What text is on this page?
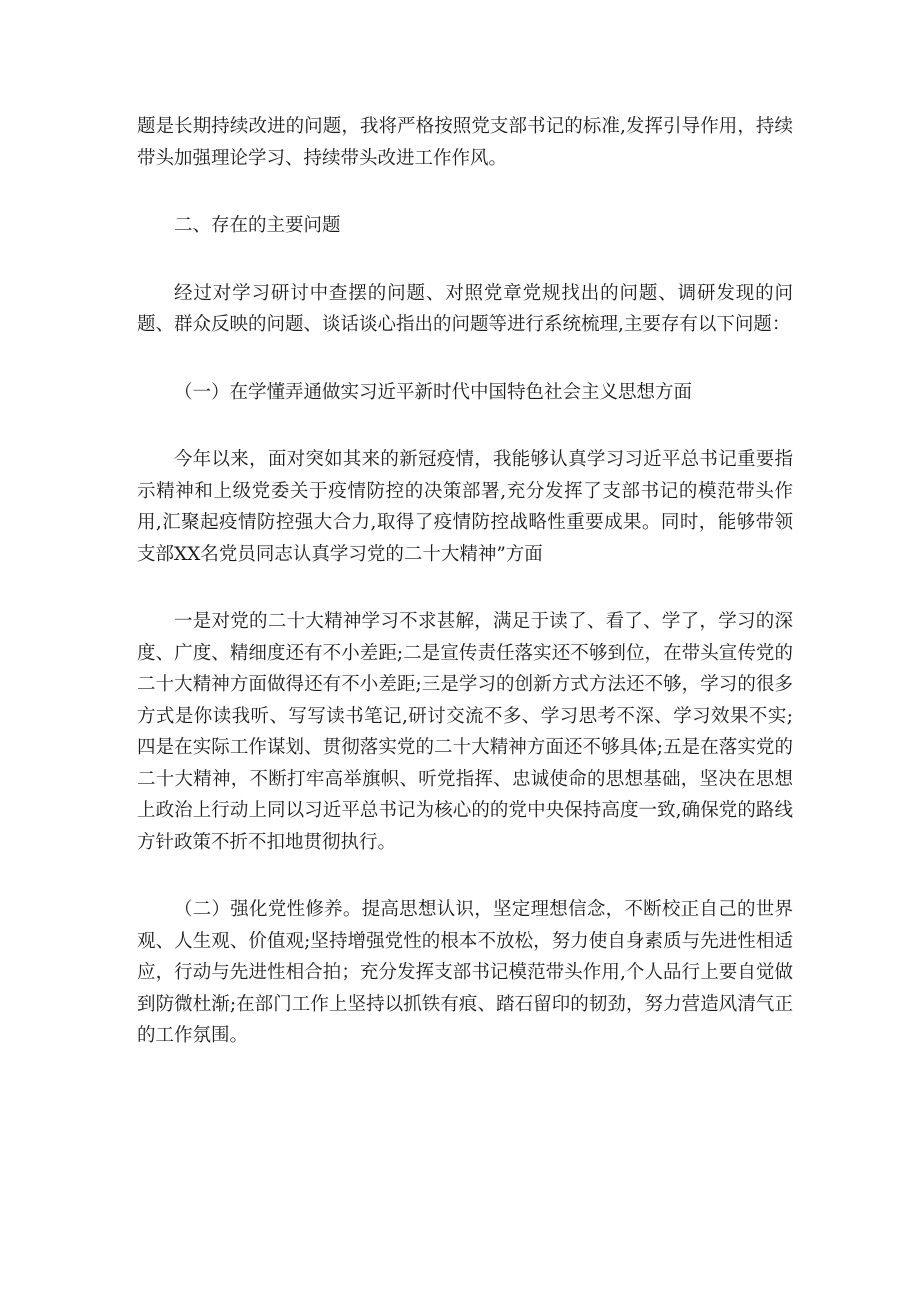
题是长期持续改进的问题，我将严格按照党支部书记的标准,发挥引导作用，持续带头加强理论学习、持续带头改进工作作风。

二、存在的主要问题

经过对学习研讨中查摆的问题、对照党章党规找出的问题、调研发现的问题、群众反映的问题、谈话谈心指出的问题等进行系统梳理,主要存有以下问题：

（一）在学懂弄通做实习近平新时代中国特色社会主义思想方面

今年以来，面对突如其来的新冠疫情，我能够认真学习习近平总书记重要指示精神和上级党委关于疫情防控的决策部署,充分发挥了支部书记的模范带头作用,汇聚起疫情防控强大合力,取得了疫情防控战略性重要成果。同时，能够带领支部XX名党员同志认真学习党的二十大精神”方面

一是对党的二十大精神学习不求甚解，满足于读了、看了、学了，学习的深度、广度、精细度还有不小差距;二是宣传责任落实还不够到位，在带头宣传党的二十大精神方面做得还有不小差距;三是学习的创新方式方法还不够，学习的很多方式是你读我听、写写读书笔记,研讨交流不多、学习思考不深、学习效果不实;四是在实际工作谋划、贯彻落实党的二十大精神方面还不够具体;五是在落实党的二十大精神，不断打牢高举旗帜、听党指挥、忠诚使命的思想基础，坚决在思想上政治上行动上同以习近平总书记为核心的的党中央保持高度一致,确保党的路线方针政策不折不扣地贯彻执行。

（二）强化党性修养。提高思想认识，坚定理想信念，不断校正自己的世界观、人生观、价值观;坚持增强党性的根本不放松，努力使自身素质与先进性相适应，行动与先进性相合拍；充分发挥支部书记模范带头作用,个人品行上要自觉做到防微杜渐;在部门工作上坚持以抓铁有痕、踏石留印的韧劲，努力营造风清气正的工作氛围。
